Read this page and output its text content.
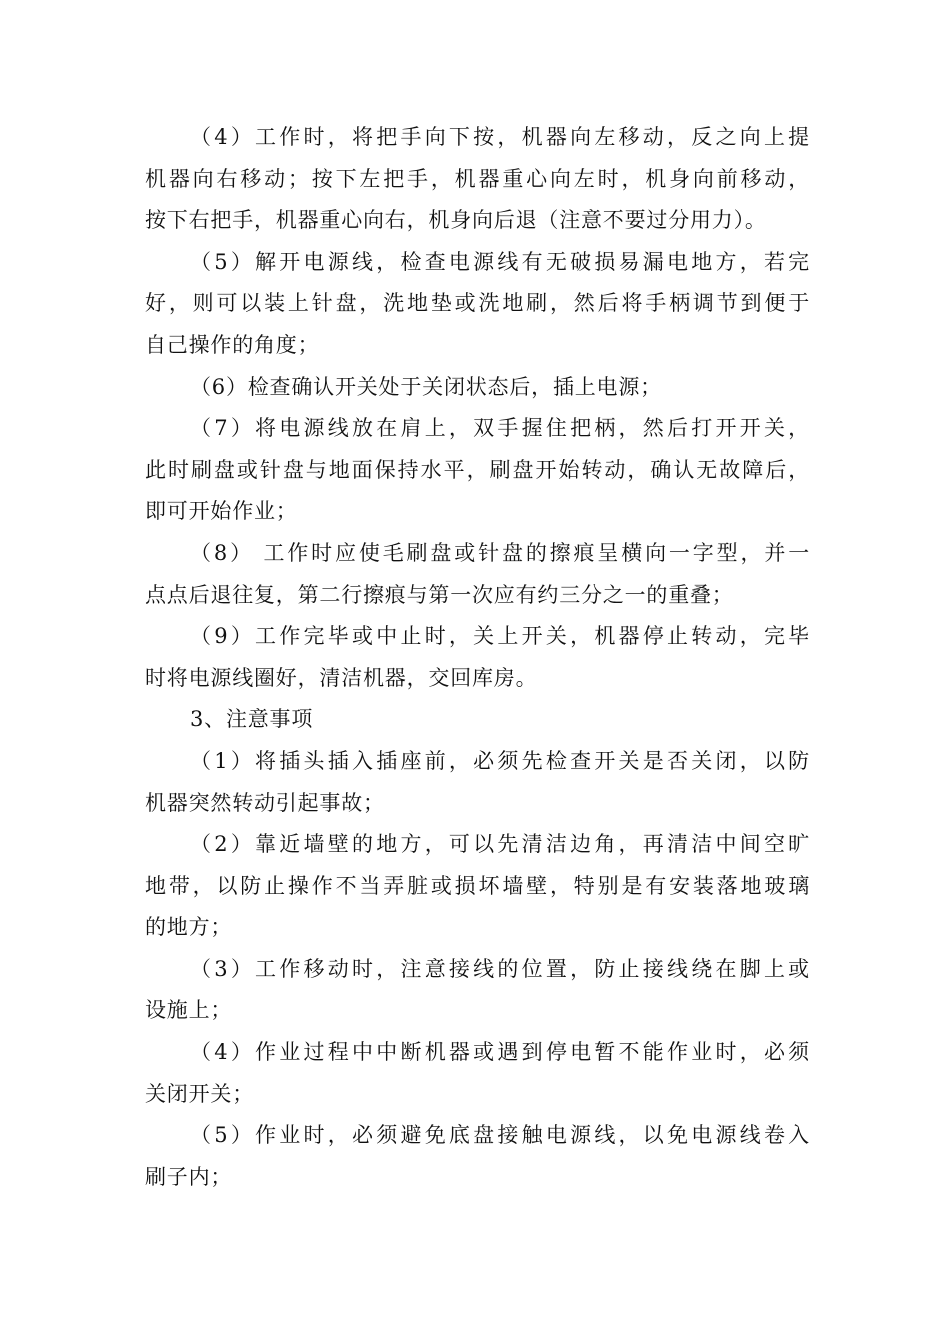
（4）工作时，将把手向下按，机器向左移动，反之向上提
机器向右移动；按下左把手，机器重心向左时，机身向前移动，
按下右把手，机器重心向右，机身向后退（注意不要过分用力）。
（5）解开电源线，检查电源线有无破损易漏电地方，若完
好，则可以装上针盘，洗地垫或洗地刷，然后将手柄调节到便于
自己操作的角度；
（6）检查确认开关处于关闭状态后，插上电源；
（7）将电源线放在肩上，双手握住把柄，然后打开开关，
此时刷盘或针盘与地面保持水平，刷盘开始转动，确认无故障后，
即可开始作业；
（8） 工作时应使毛刷盘或针盘的擦痕呈横向一字型，并一
点点后退往复，第二行擦痕与第一次应有约三分之一的重叠；
（9）工作完毕或中止时，关上开关，机器停止转动，完毕
时将电源线圈好，清洁机器，交回库房。
3、注意事项
（1）将插头插入插座前，必须先检查开关是否关闭，以防
机器突然转动引起事故；
（2）靠近墙壁的地方，可以先清洁边角，再清洁中间空旷
地带，以防止操作不当弄脏或损坏墙壁，特别是有安装落地玻璃
的地方；
（3）工作移动时，注意接线的位置，防止接线绕在脚上或
设施上；
（4）作业过程中中断机器或遇到停电暂不能作业时，必须
关闭开关；
（5）作业时，必须避免底盘接触电源线，以免电源线卷入
刷子内；
